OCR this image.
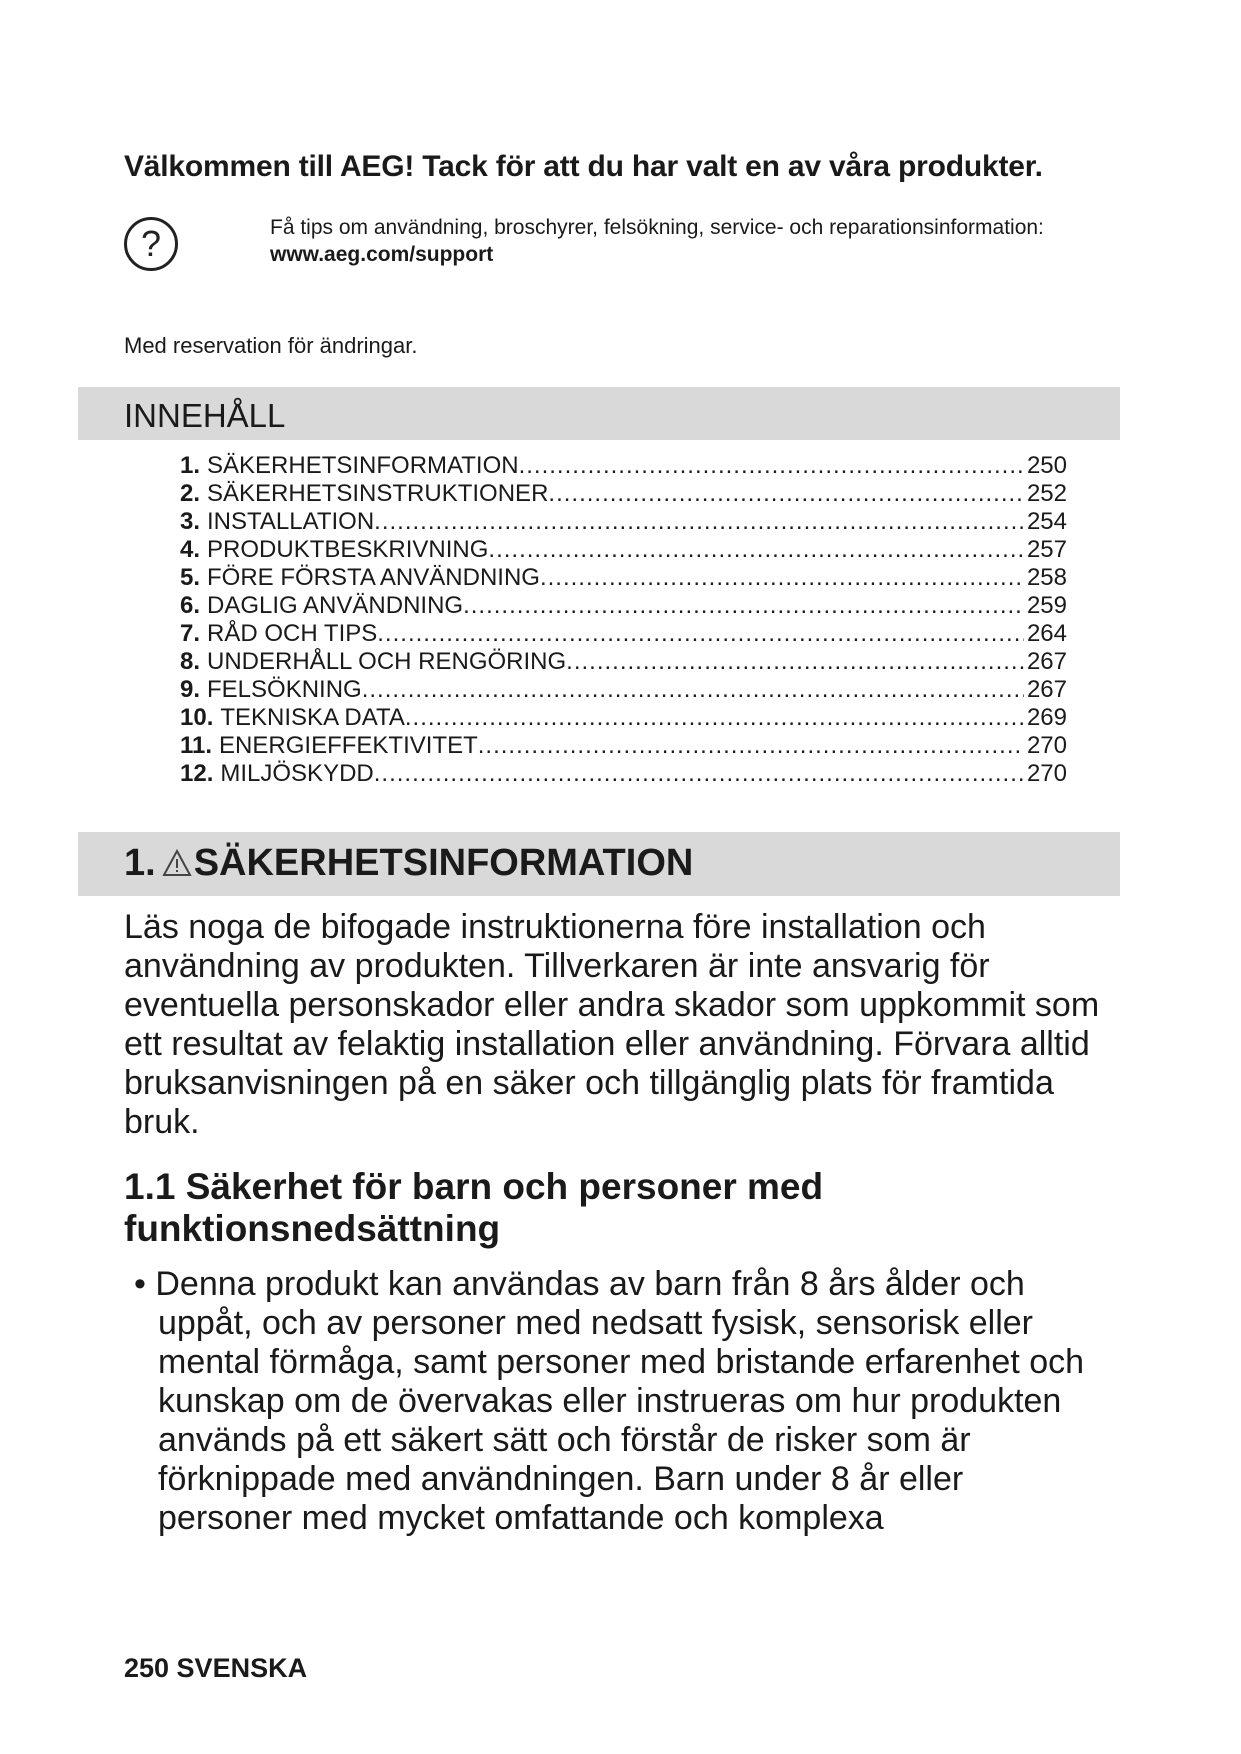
Välkommen till AEG! Tack för att du har valt en av våra produkter.
?	Få tips om användning, broschyrer, felsökning, service- och reparationsinformation:
www.aeg.com/support
Med reservation för ändringar.
INNEHÅLL
1. SÄKERHETSINFORMATION .....	250
2. SÄKERHETSINSTRUKTIONER .....	252
3. INSTALLATION .....	254
4. PRODUKTBESKRIVNING .....	257
5. FÖRE FÖRSTA ANVÄNDNING .....	258
6. DAGLIG ANVÄNDNING .....	259
7. RÅD OCH TIPS .....	264
8. UNDERHÅLL OCH RENGÖRING .....	267
9. FELSÖKNING .....	267
10. TEKNISKA DATA .....	269
11. ENERGIEFFEKTIVITET .....	270
12. MILJÖSKYDD .....	270
1. SÄKERHETSINFORMATION
Läs noga de bifogade instruktionerna före installation och användning av produkten. Tillverkaren är inte ansvarig för eventuella personskador eller andra skador som uppkommit som ett resultat av felaktig installation eller användning. Förvara alltid bruksanvisningen på en säker och tillgänglig plats för framtida bruk.
1.1 Säkerhet för barn och personer med funktionsnedsättning
• Denna produkt kan användas av barn från 8 års ålder och uppåt, och av personer med nedsatt fysisk, sensorisk eller mental förmåga, samt personer med bristande erfarenhet och kunskap om de övervakas eller instrueras om hur produkten används på ett säkert sätt och förstår de risker som är förknippade med användningen. Barn under 8 år eller personer med mycket omfattande och komplexa
250 SVENSKA
